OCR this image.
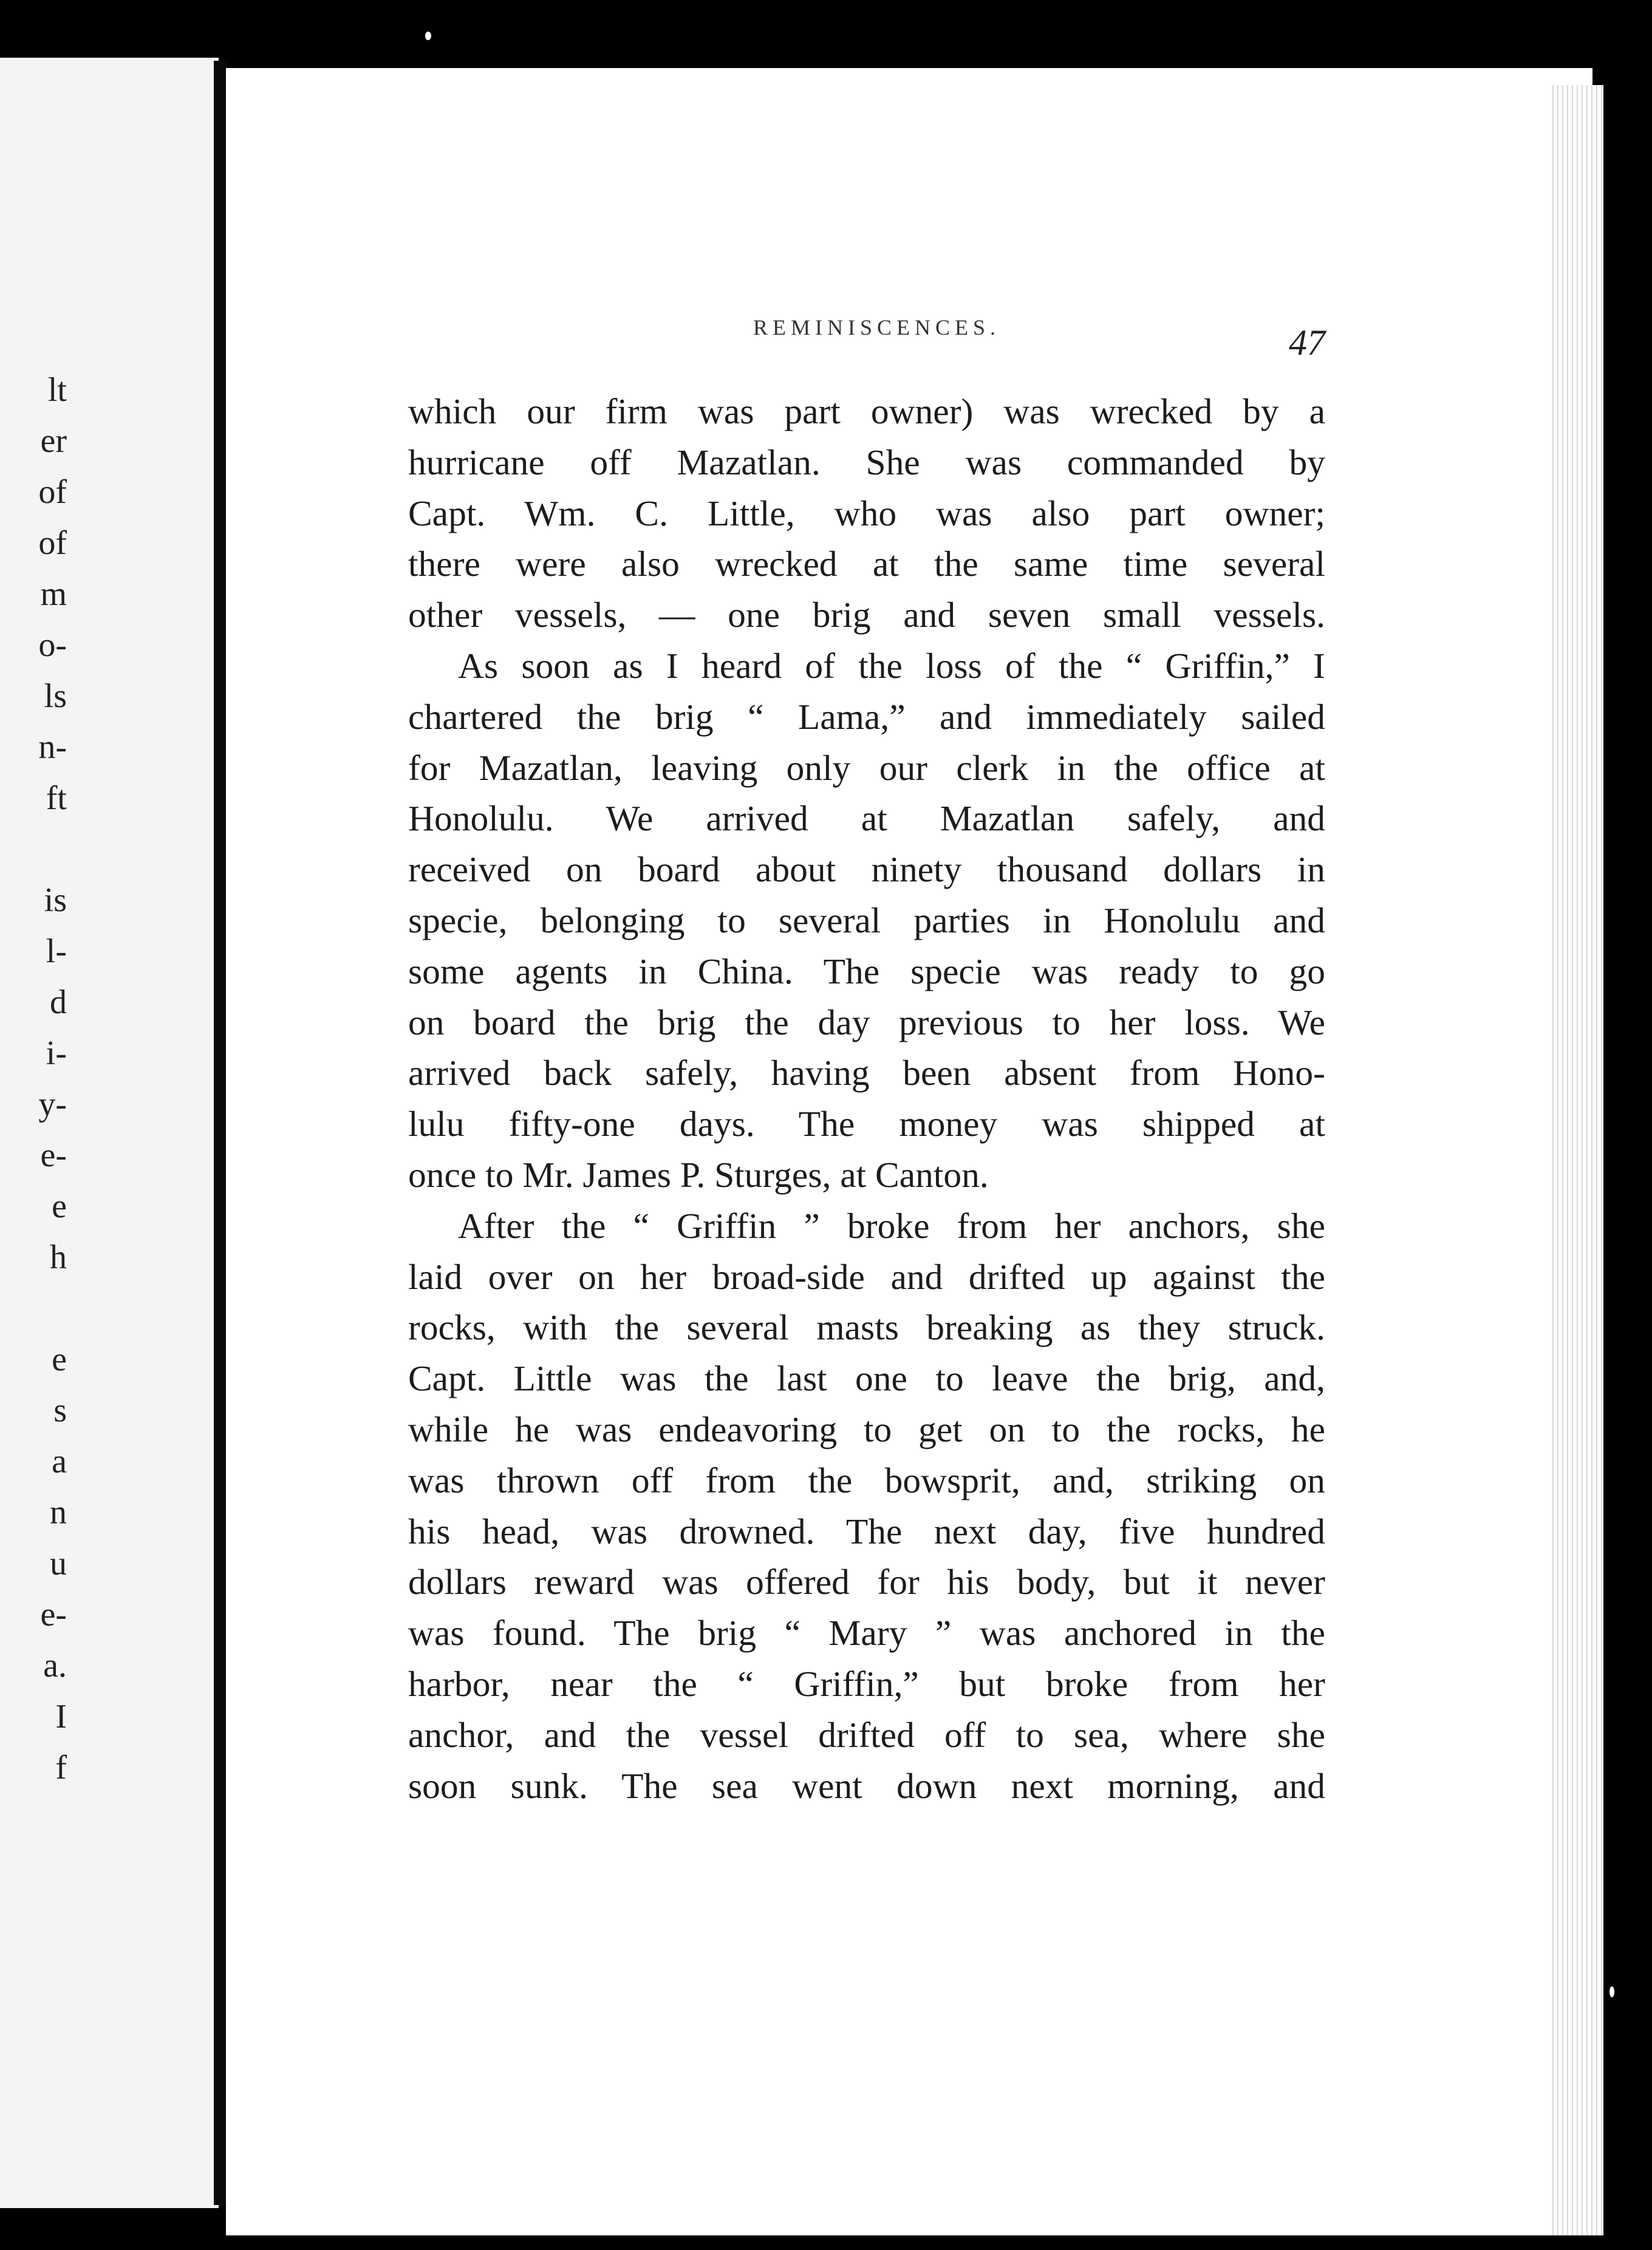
lt
er
of
of
m
o-
ls
n-
ft

is
l-
d
i-
y-
e-
e
h

e
s
a
n
u
e-
a.
I
f
REMINISCENCES.	47
which our firm was part owner) was wrecked by a
hurricane off Mazatlan. She was commanded by
Capt. Wm. C. Little, who was also part owner;
there were also wrecked at the same time several
other vessels, — one brig and seven small vessels.
As soon as I heard of the loss of the “ Griffin,” I
chartered the brig “ Lama,” and immediately sailed
for Mazatlan, leaving only our clerk in the office at
Honolulu. We arrived at Mazatlan safely, and
received on board about ninety thousand dollars in
specie, belonging to several parties in Honolulu and
some agents in China. The specie was ready to go
on board the brig the day previous to her loss. We
arrived back safely, having been absent from Hono-
lulu fifty-one days. The money was shipped at
once to Mr. James P. Sturges, at Canton.
After the “ Griffin ” broke from her anchors, she
laid over on her broad-side and drifted up against the
rocks, with the several masts breaking as they struck.
Capt. Little was the last one to leave the brig, and,
while he was endeavoring to get on to the rocks, he
was thrown off from the bowsprit, and, striking on
his head, was drowned. The next day, five hundred
dollars reward was offered for his body, but it never
was found. The brig “ Mary ” was anchored in the
harbor, near the “ Griffin,” but broke from her
anchor, and the vessel drifted off to sea, where she
soon sunk. The sea went down next morning, and
